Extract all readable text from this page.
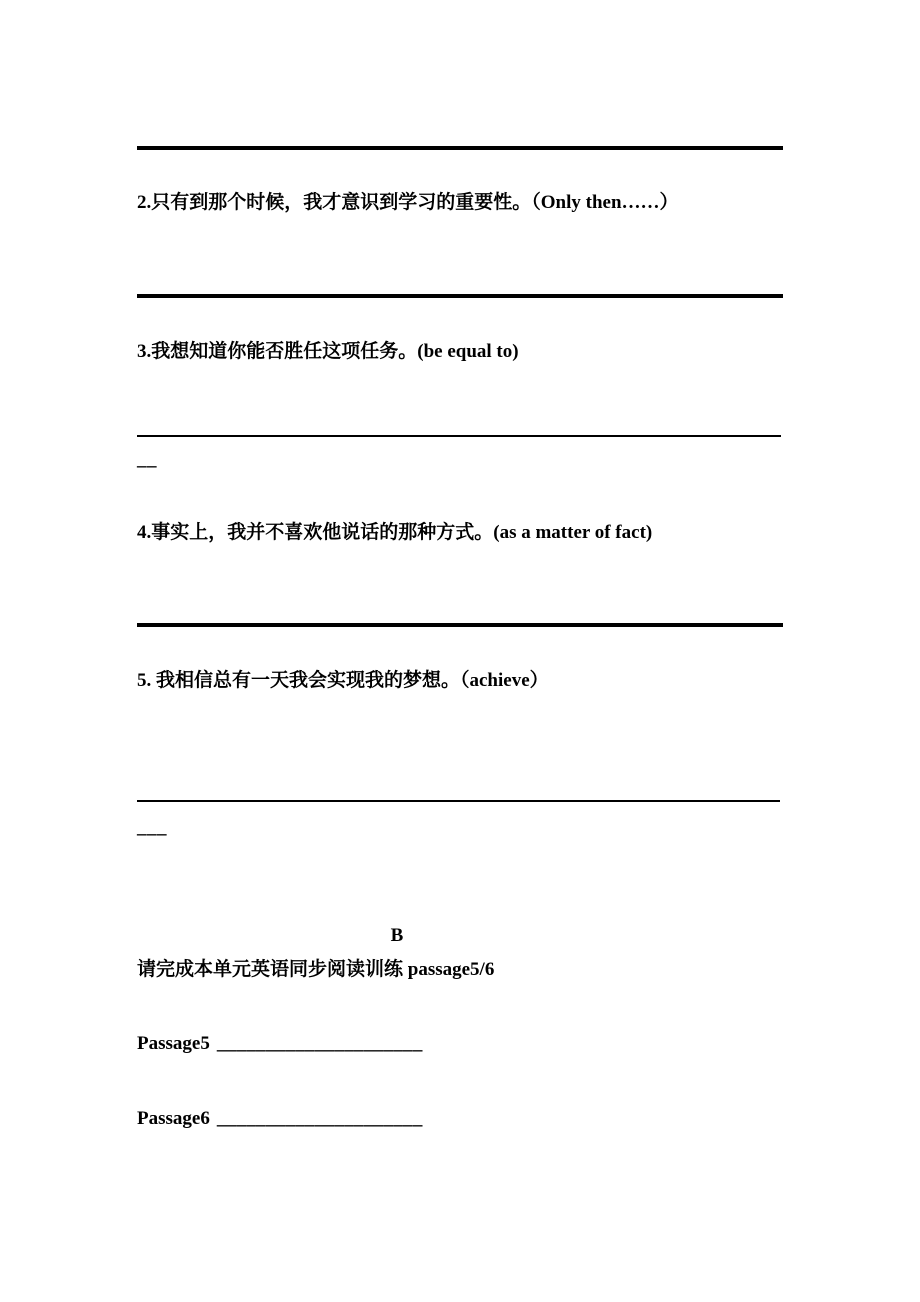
2.只有到那个时候，我才意识到学习的重要性。（Only then……）
3.我想知道你能否胜任这项任务。(be equal to)
__
4.事实上，我并不喜欢他说话的那种方式。(as a matter of fact)
5. 我相信总有一天我会实现我的梦想。（achieve）
___
B
请完成本单元英语同步阅读训练 passage5/6
Passage5 _____________________
Passage6 _____________________
